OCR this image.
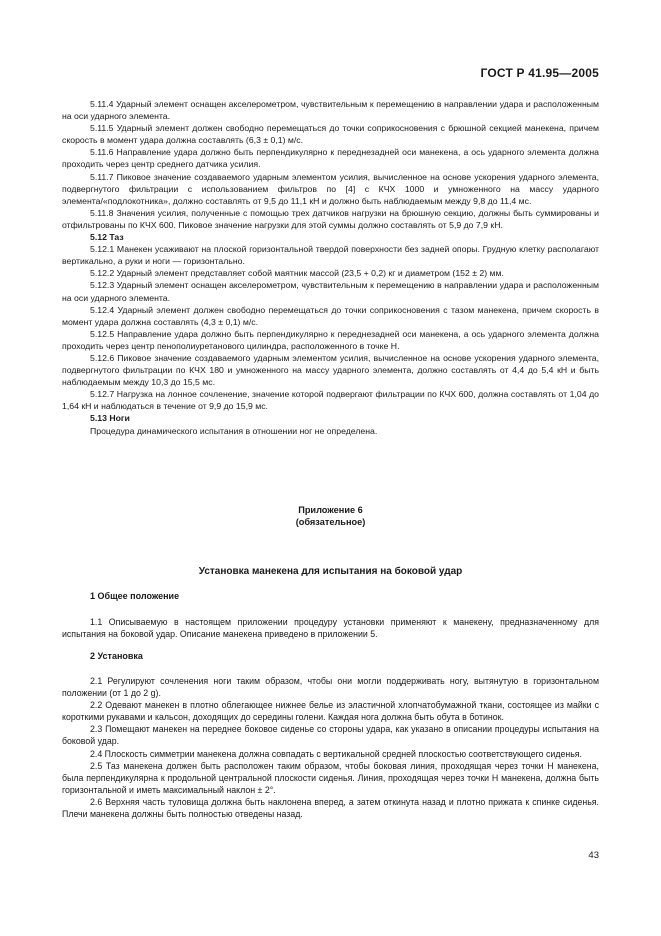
ГОСТ Р 41.95—2005

5.11.4 Ударный элемент оснащен акселерометром, чувствительным к перемещению в направлении удара и расположенным на оси ударного элемента.

5.11.5 Ударный элемент должен свободно перемещаться до точки соприкосновения с брюшной секцией манекена, причем скорость в момент удара должна составлять (6,3 ± 0,1) м/с.

5.11.6 Направление удара должно быть перпендикулярно к переднезадней оси манекена, а ось ударного элемента должна проходить через центр среднего датчика усилия.

5.11.7 Пиковое значение создаваемого ударным элементом усилия, вычисленное на основе ускорения ударного элемента, подвергнутого фильтрации с использованием фильтров по [4] с КЧХ 1000 и умноженного на массу ударного элемента/«подлокотника», должно составлять от 9,5 до 11,1 кН и должно быть наблюдаемым между 9,8 до 11,4 мс.

5.11.8 Значения усилия, полученные с помощью трех датчиков нагрузки на брюшную секцию, должны быть суммированы и отфильтрованы по КЧХ 600. Пиковое значение нагрузки для этой суммы должно составлять от 5,9 до 7,9 кН.

5.12 Таз

5.12.1 Манекен усаживают на плоской горизонтальной твердой поверхности без задней опоры. Грудную клетку располагают вертикально, а руки и ноги — горизонтально.

5.12.2 Ударный элемент представляет собой маятник массой (23,5 + 0,2) кг и диаметром (152 ± 2) мм.

5.12.3 Ударный элемент оснащен акселерометром, чувствительным к перемещению в направлении удара и расположенным на оси ударного элемента.

5.12.4 Ударный элемент должен свободно перемещаться до точки соприкосновения с тазом манекена, причем скорость в момент удара должна составлять (4,3 ± 0,1) м/с.

5.12.5 Направление удара должно быть перпендикулярно к переднезадней оси манекена, а ось ударного элемента должна проходить через центр пенополиуретанового цилиндра, расположенного в точке Н.

5.12.6 Пиковое значение создаваемого ударным элементом усилия, вычисленное на основе ускорения ударного элемента, подвергнутого фильтрации по КЧХ 180 и умноженного на массу ударного элемента, должно составлять от 4,4 до 5,4 кН и быть наблюдаемым между 10,3 до 15,5 мс.

5.12.7 Нагрузка на лонное сочленение, значение которой подвергают фильтрации по КЧХ 600, должна составлять от 1,04 до 1,64 кН и наблюдаться в течение от 9,9 до 15,9 мс.

5.13 Ноги

Процедура динамического испытания в отношении ног не определена.

Приложение 6
(обязательное)
Установка манекена для испытания на боковой удар
1 Общее положение

1.1 Описываемую в настоящем приложении процедуру установки применяют к манекену, предназначенному для испытания на боковой удар. Описание манекена приведено в приложении 5.

2 Установка

2.1 Регулируют сочленения ноги таким образом, чтобы они могли поддерживать ногу, вытянутую в горизонтальном положении (от 1 до 2 g).

2.2 Одевают манекен в плотно облегающее нижнее белье из эластичной хлопчатобумажной ткани, состоящее из майки с короткими рукавами и кальсон, доходящих до середины голени. Каждая нога должна быть обута в ботинок.

2.3 Помещают манекен на переднее боковое сиденье со стороны удара, как указано в описании процедуры испытания на боковой удар.

2.4 Плоскость симметрии манекена должна совпадать с вертикальной средней плоскостью соответствующего сиденья.

2.5 Таз манекена должен быть расположен таким образом, чтобы боковая линия, проходящая через точки Н манекена, была перпендикулярна к продольной центральной плоскости сиденья. Линия, проходящая через точки Н манекена, должна быть горизонтальной и иметь максимальный наклон ± 2°.

2.6 Верхняя часть туловища должна быть наклонена вперед, а затем откинута назад и плотно прижата к спинке сиденья. Плечи манекена должны быть полностью отведены назад.

43
